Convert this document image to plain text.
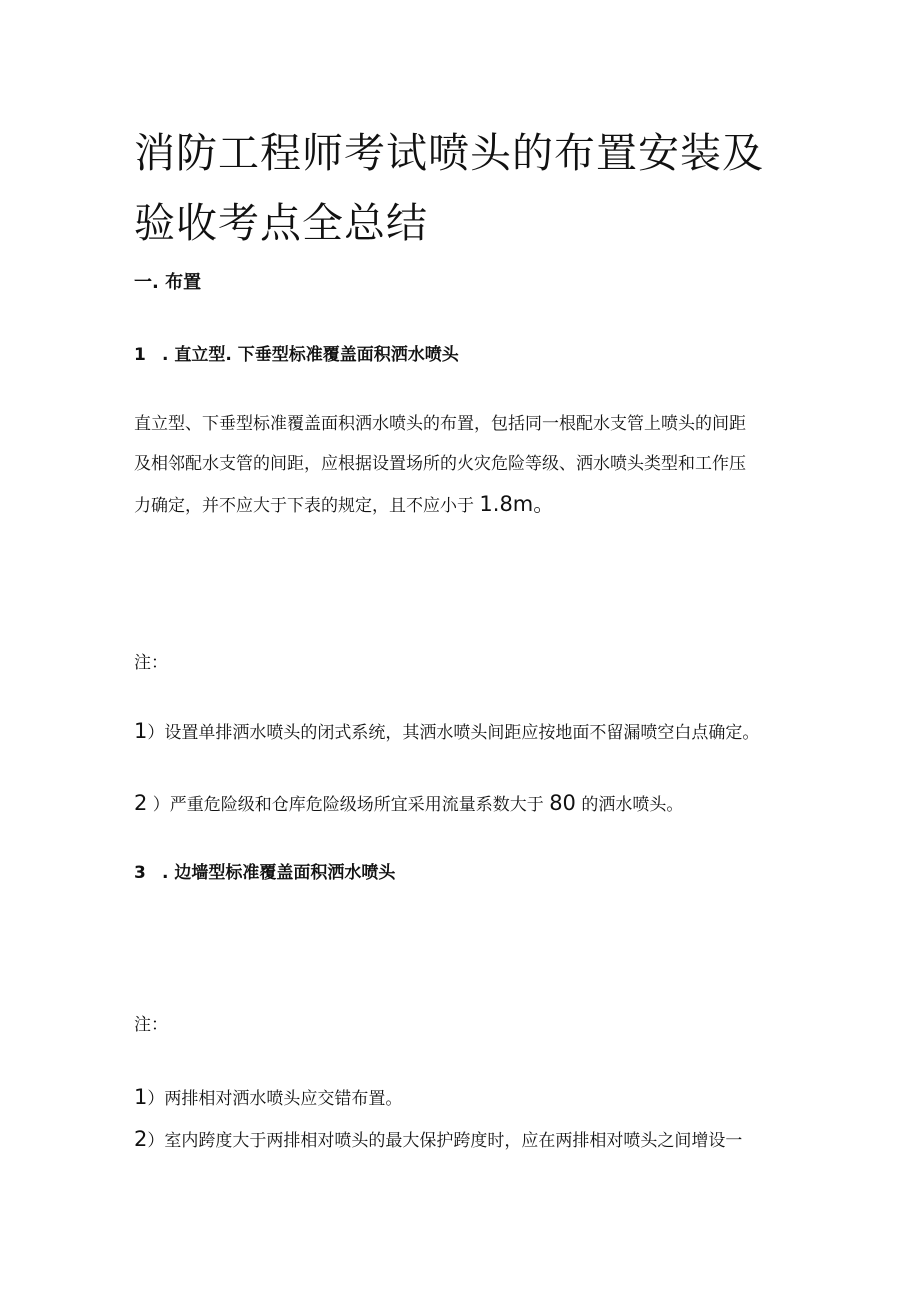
消防工程师考试喷头的布置安装及
验收考点全总结
一. 布置
1 . 直立型. 下垂型标准覆盖面积洒水喷头
直立型、下垂型标准覆盖面积洒水喷头的布置，包括同一根配水支管上喷头的间距
及相邻配水支管的间距，应根据设置场所的火灾危险等级、洒水喷头类型和工作压
力确定，并不应大于下表的规定，且不应小于 1.8m。
注：
1）设置单排洒水喷头的闭式系统，其洒水喷头间距应按地面不留漏喷空白点确定。
2 ）严重危险级和仓库危险级场所宜采用流量系数大于 80 的洒水喷头。
3 . 边墙型标准覆盖面积洒水喷头
注：
1）两排相对洒水喷头应交错布置。
2）室内跨度大于两排相对喷头的最大保护跨度时，应在两排相对喷头之间增设一
